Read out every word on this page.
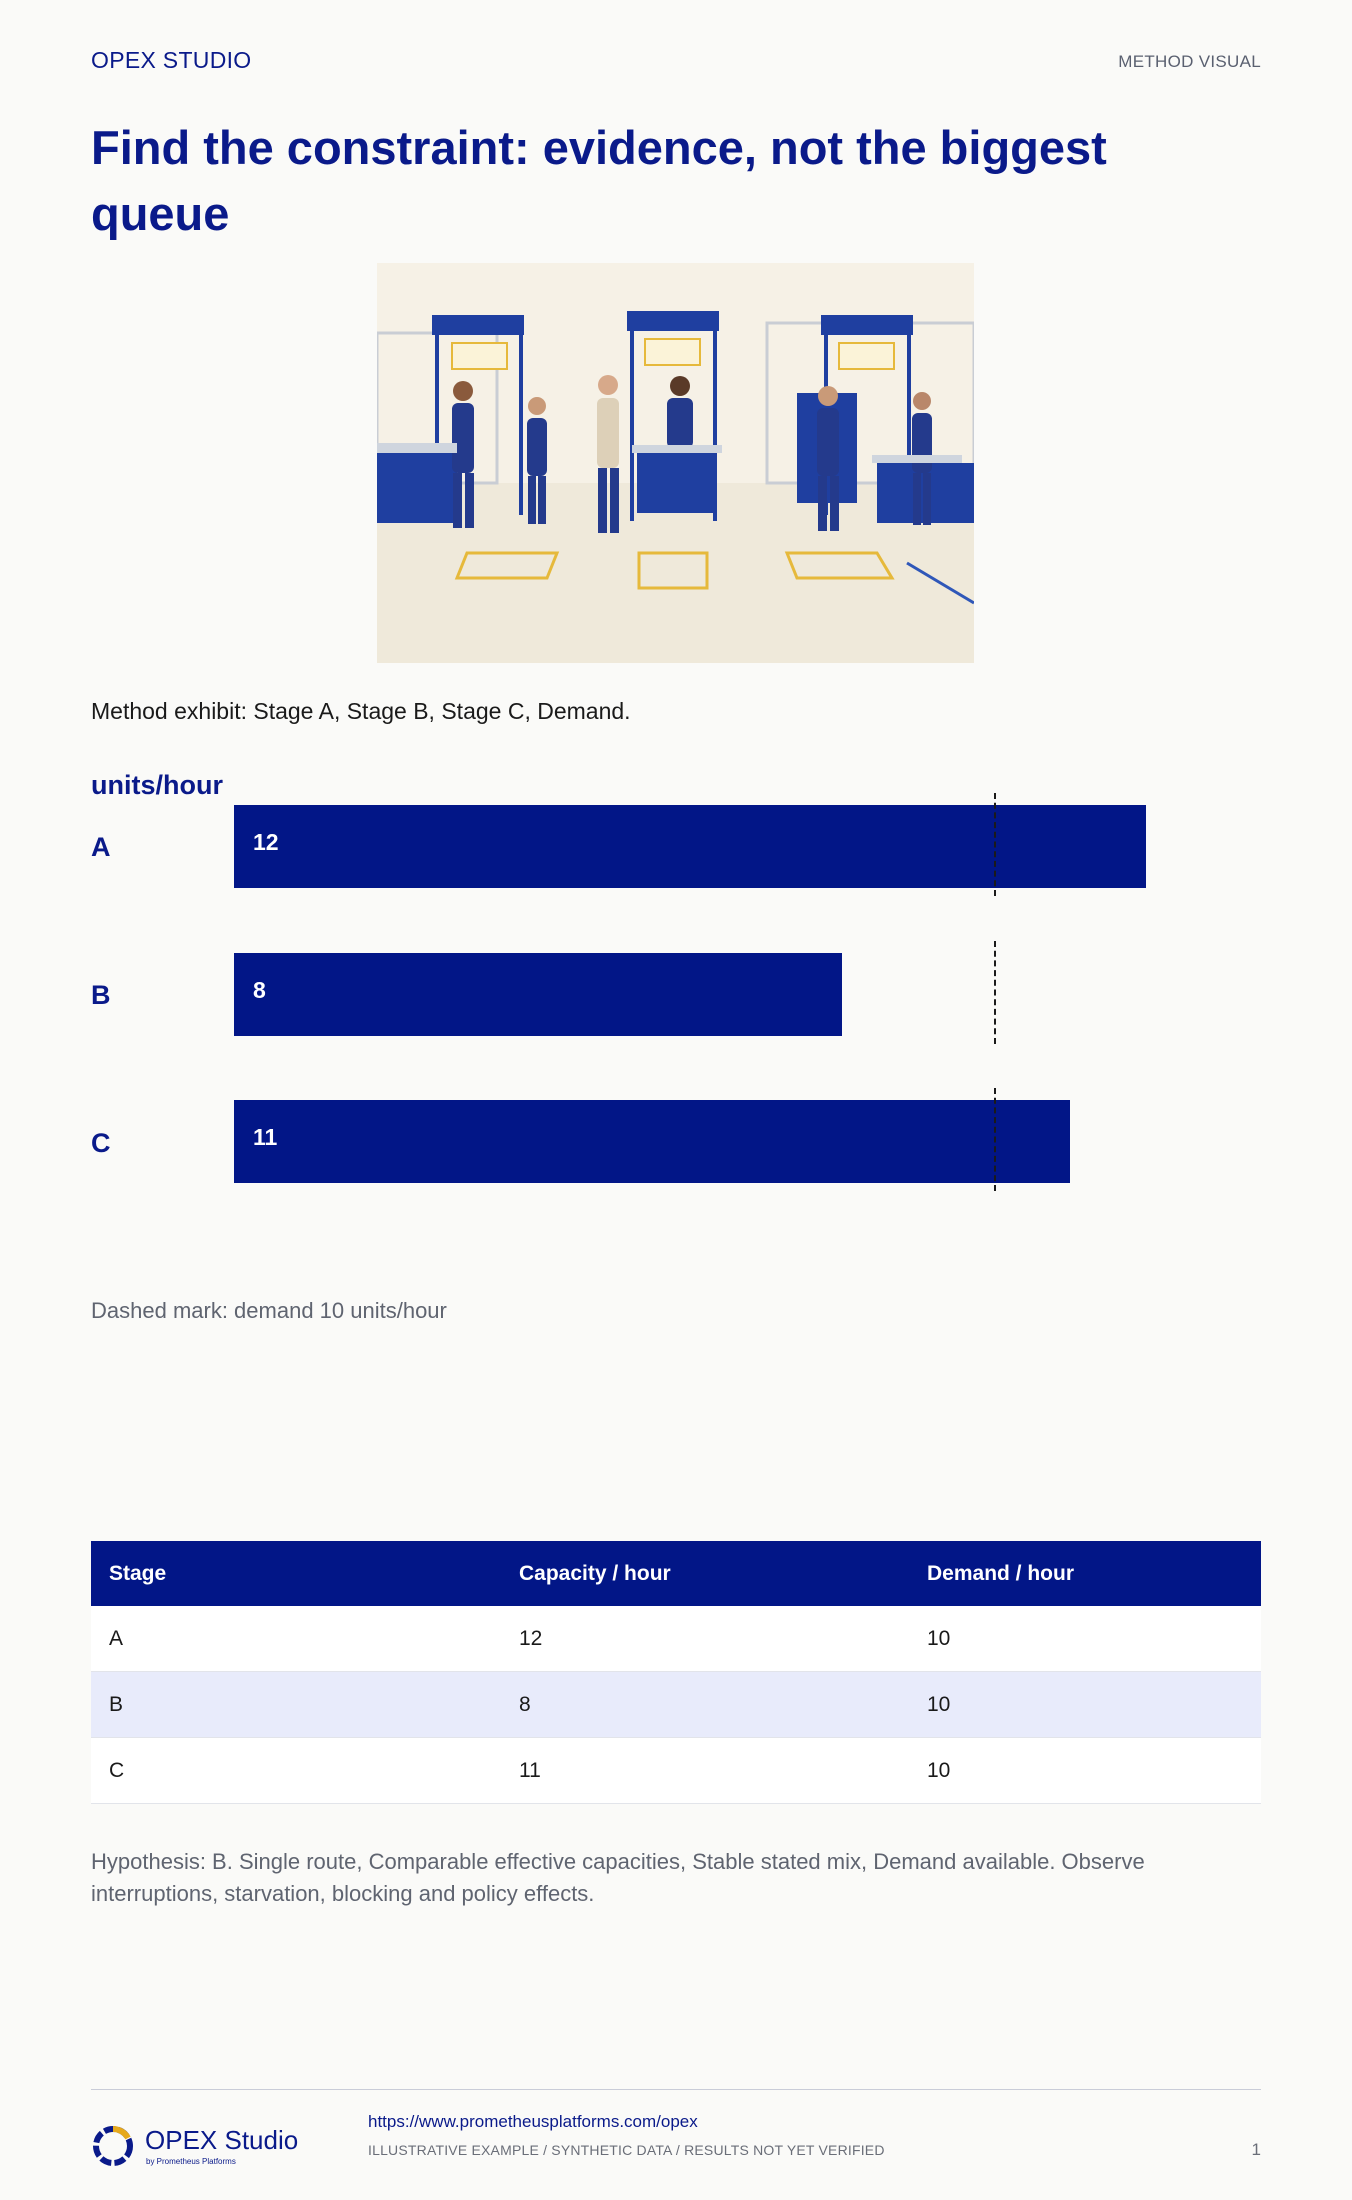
OPEX STUDIO	METHOD VISUAL
Find the constraint: evidence, not the biggest queue
Method exhibit: Stage A, Stage B, Stage C, Demand.
units/hour
A
B
C
12
8
11
Dashed mark: demand 10 units/hour
Stage	Capacity / hour	Demand / hour
A	12	10
B	8	10
C	11	10
Hypothesis: B. Single route, Comparable effective capacities, Stable stated mix, Demand available. Observe interruptions, starvation, blocking and policy effects.
OPEX Studio
by Prometheus Platforms
https://www.prometheusplatforms.com/opex
ILLUSTRATIVE EXAMPLE / SYNTHETIC DATA / RESULTS NOT YET VERIFIED	1
